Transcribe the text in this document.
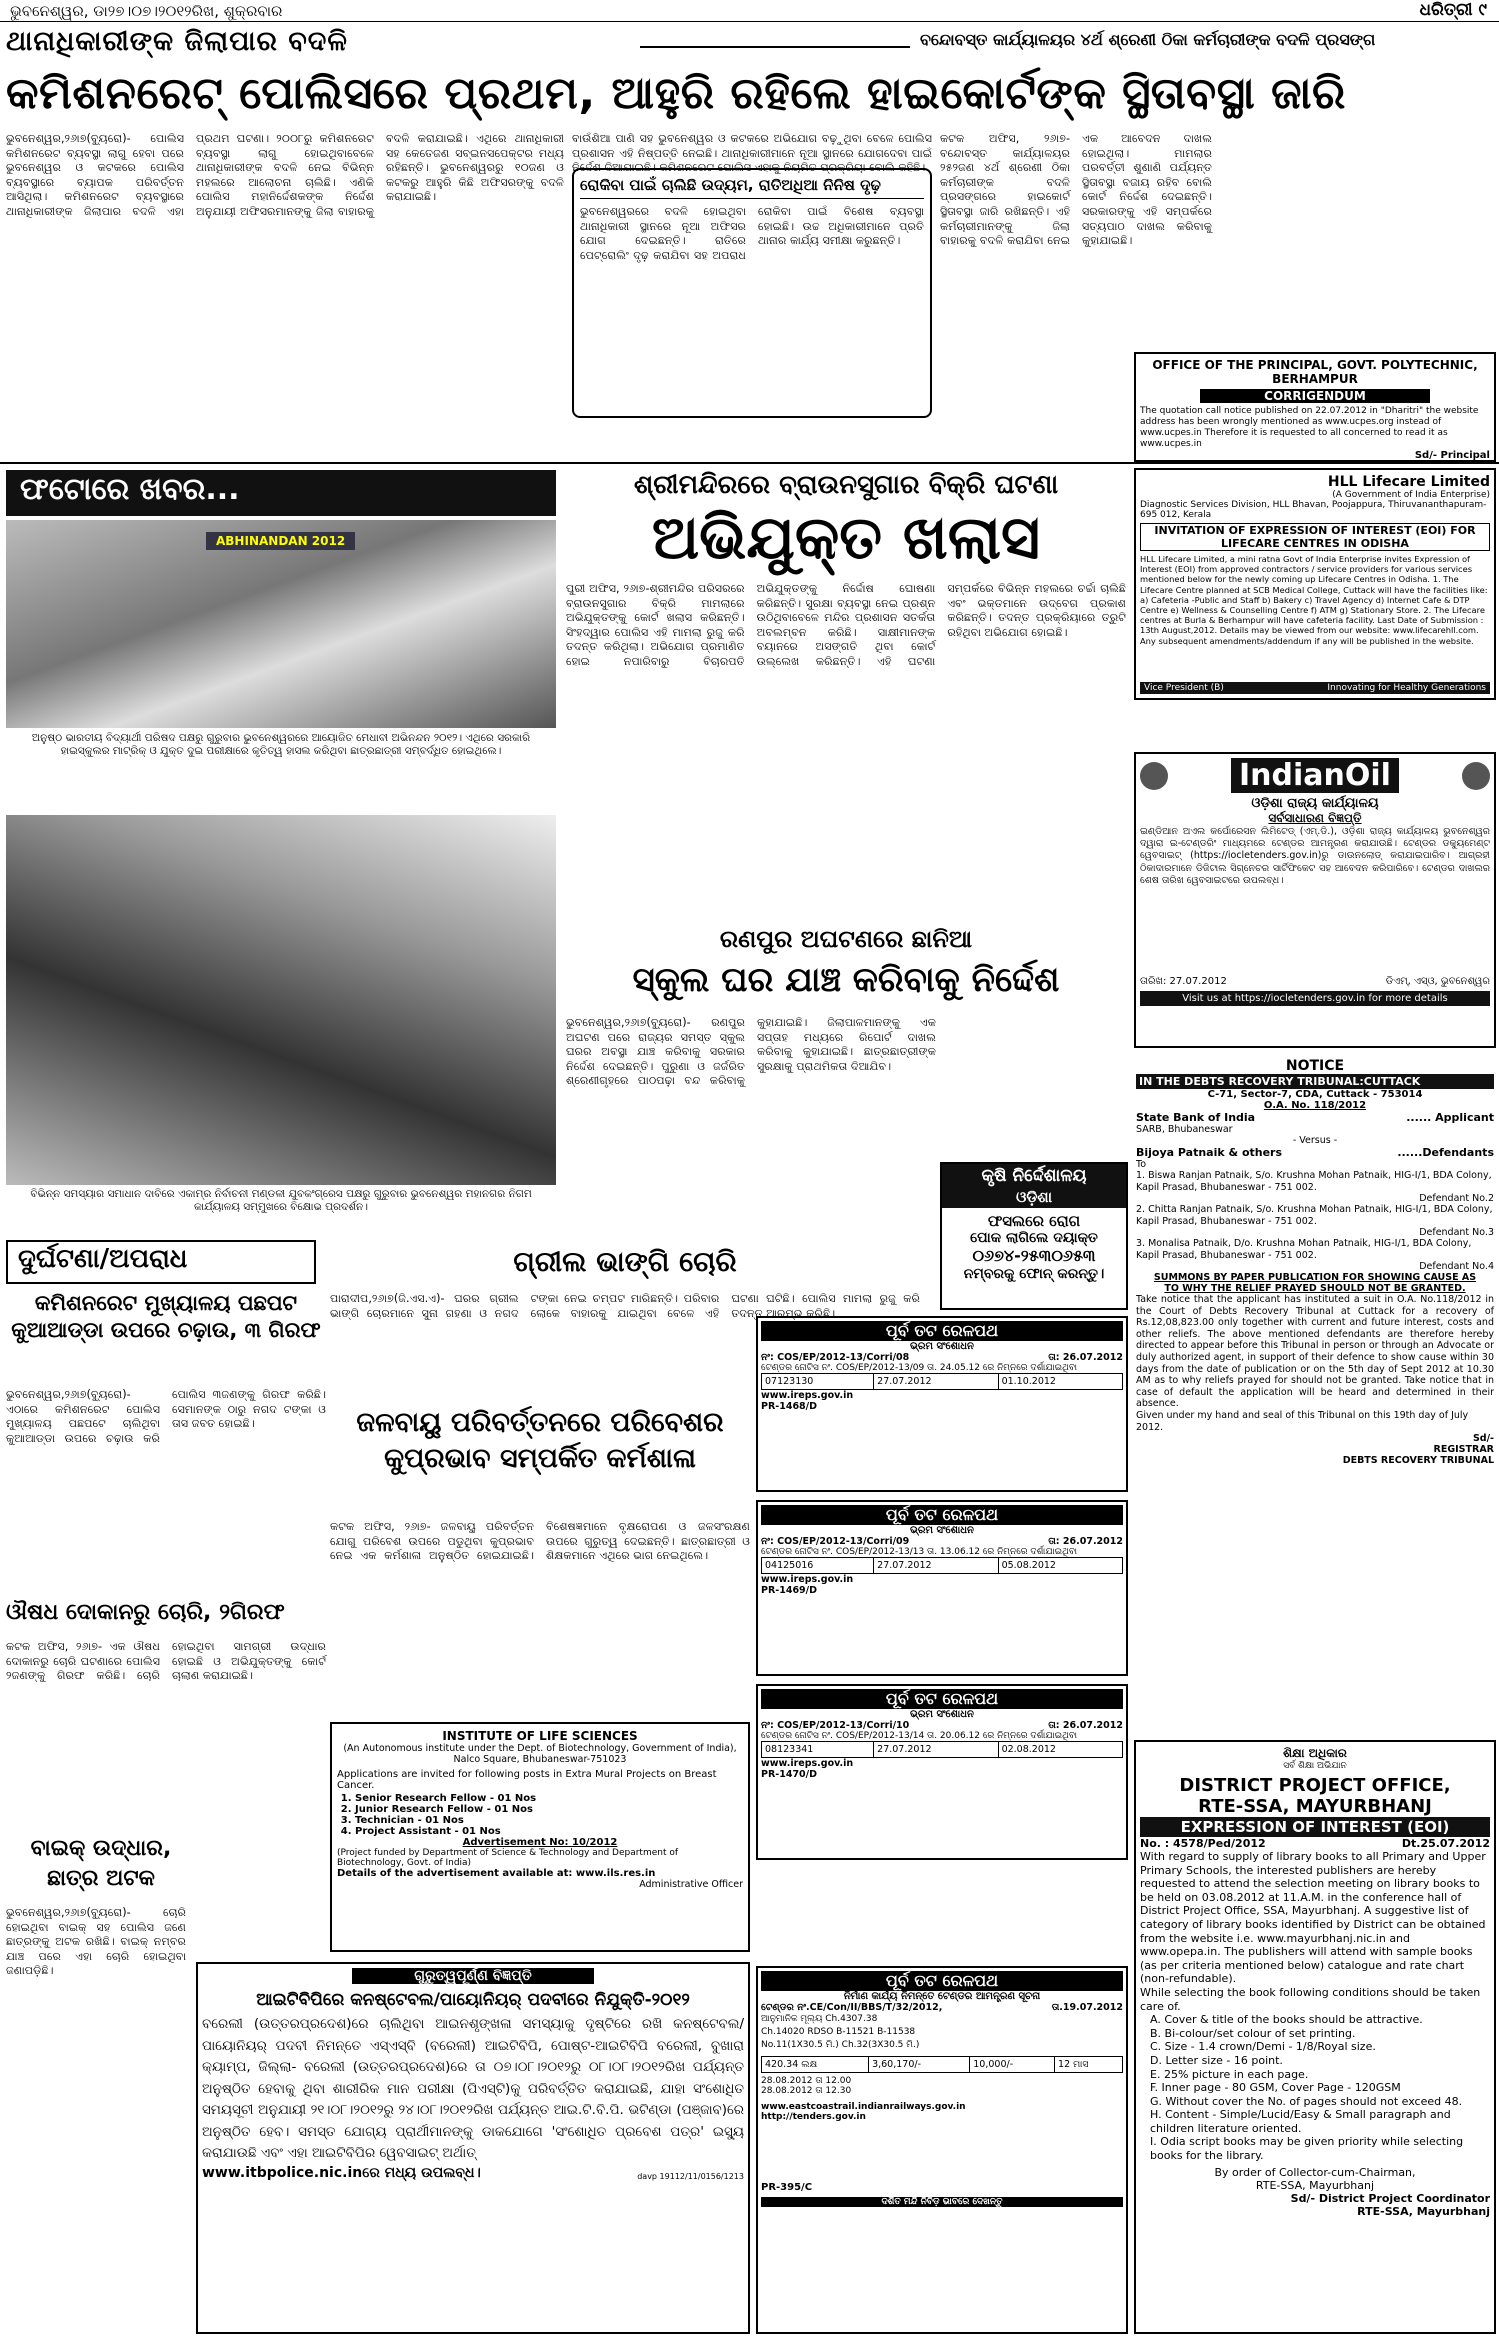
ଭୁବନେଶ୍ୱର, ଡା୨୭।୦୭।୨୦୧୨ରିଖ, ଶୁକ୍ରବାର	ଧରିତ୍ରୀ ୯
ଥାନାଧିକାରୀଙ୍କ ଜିଲାପାର ବଦଳି	ବନ୍ଦୋବସ୍ତ କାର୍ଯ୍ୟାଳୟର ୪ର୍ଥ ଶ୍ରେଣୀ ଠିକା କର୍ମଚାରୀଙ୍କ ବଦଳି ପ୍ରସଙ୍ଗ
କମିଶନରେଟ୍ ପୋଲିସରେ ପ୍ରଥମ, ଆହୁରି ରହିଲେ ହାଇକୋର୍ଟଙ୍କ ସ୍ଥିତାବସ୍ଥା ଜାରି
ଭୁବନେଶ୍ୱର,୨୬ା୭(ବ୍ୟୁରୋ)- ପୋଲିସ କମିଶନରେଟ ବ୍ୟବସ୍ଥା ଲାଗୁ ହେବା ପରେ ଭୁବନେଶ୍ୱର ଓ କଟକରେ ପୋଲିସ ବ୍ୟବସ୍ଥାରେ ବ୍ୟାପକ ପରିବର୍ତ୍ତନ ଆସିଥିଲା। କମିଶନରେଟ ବ୍ୟବସ୍ଥାରେ ଥାନାଧିକାରୀଙ୍କ ଜିଲାପାର ବଦଳି ଏହା ପ୍ରଥମ ଘଟଣା। ୨୦୦୮ରୁ କମିଶନରେଟ ବ୍ୟବସ୍ଥା ଲାଗୁ ହୋଇଥିବାବେଳେ ଥାନାଧିକାରୀଙ୍କ ବଦଳି ନେଇ ବିଭିନ୍ନ ମହଲରେ ଆଲୋଚନା ଚାଲିଛି। ଏଣିକି ପୋଲିସ ମହାନିର୍ଦ୍ଦେଶକଙ୍କ ନିର୍ଦ୍ଦେଶ ଅନୁଯାୟୀ ଅଫିସରମାନଙ୍କୁ ଜିଲା ବାହାରକୁ ବଦଳି କରାଯାଇଛି। ଏଥିରେ ଥାନାଧିକାରୀ ସହ କେତେଜଣ ସବ୍ଇନସପେକ୍ଟର ମଧ୍ୟ ରହିଛନ୍ତି। ଭୁବନେଶ୍ୱରରୁ ୧୦ଜଣ ଓ କଟକରୁ ଆହୁରି କିଛି ଅଫିସରଙ୍କୁ ବଦଳି କରାଯାଇଛି।
ରୋକିବା ପାଇଁ ଚାଲିଛି ଉଦ୍ୟମ, ରାତିଅଧିଆ ନିନିଷ ଦୃଢ଼
ଭୁବନେଶ୍ୱରରେ ବଦଳି ହୋଇଥିବା ଥାନାଧିକାରୀ ସ୍ଥାନରେ ନୂଆ ଅଫିସର ଯୋଗ ଦେଇଛନ୍ତି। ରାତିରେ ପେଟ୍ରୋଲିଂ ଦୃଢ଼ କରାଯିବା ସହ ଅପରାଧ ରୋକିବା ପାଇଁ ବିଶେଷ ବ୍ୟବସ୍ଥା ହୋଇଛି। ଉଚ୍ଚ ଅଧିକାରୀମାନେ ପ୍ରତି ଥାନାର କାର୍ଯ୍ୟ ସମୀକ୍ଷା କରୁଛନ୍ତି।
ବାଉଁଶିଆ ପାଣି ସହ ଭୁବନେଶ୍ୱର ଓ କଟକରେ ଅଭିଯୋଗ ବଢ଼ୁଥିବା ବେଳେ ପୋଲିସ ପ୍ରଶାସନ ଏହି ନିଷ୍ପତ୍ତି ନେଇଛି। ଥାନାଧିକାରୀମାନେ ନୂଆ ସ୍ଥାନରେ ଯୋଗଦେବା ପାଇଁ ନିର୍ଦ୍ଦେଶ ଦିଆଯାଇଛି। କମିଶନରେଟ ପୋଲିସ ଏହାକୁ ନିୟମିତ ପ୍ରକ୍ରିୟା ବୋଲି କହିଛି।
କଟକ ଅଫିସ, ୨୬ା୭-ବନ୍ଦୋବସ୍ତ କାର୍ଯ୍ୟାଳୟର ୨୫୨ଜଣ ୪ର୍ଥ ଶ୍ରେଣୀ ଠିକା କର୍ମଚାରୀଙ୍କ ବଦଳି ପ୍ରସଙ୍ଗରେ ହାଇକୋର୍ଟ ସ୍ଥିତାବସ୍ଥା ଜାରି ରଖିଛନ୍ତି। ଏହି କର୍ମଚାରୀମାନଙ୍କୁ ଜିଲା ବାହାରକୁ ବଦଳି କରାଯିବା ନେଇ ଏକ ଆବେଦନ ଦାଖଲ ହୋଇଥିଲା। ମାମଲାର ପରବର୍ତ୍ତୀ ଶୁଣାଣି ପର୍ଯ୍ୟନ୍ତ ସ୍ଥିତାବସ୍ଥା ବଜାୟ ରହିବ ବୋଲି କୋର୍ଟ ନିର୍ଦ୍ଦେଶ ଦେଇଛନ୍ତି। ସରକାରଙ୍କୁ ଏହି ସମ୍ପର୍କରେ ସତ୍ୟପାଠ ଦାଖଲ କରିବାକୁ କୁହାଯାଇଛି।
OFFICE OF THE PRINCIPAL, GOVT. POLYTECHNIC, BERHAMPUR
CORRIGENDUM
The quotation call notice published on 22.07.2012 in "Dharitri" the website address has been wrongly mentioned as www.ucpes.org instead of www.ucpes.in Therefore it is requested to all concerned to read it as www.ucpes.in
Sd/- Principal
ଫଟୋରେ ଖବର...
ABHINANDAN 2012
ଅନୁଷ୍ଠ ଭାରତୀୟ ବିଦ୍ୟାର୍ଥୀ ପରିଷଦ ପକ୍ଷରୁ ଗୁରୁବାର ଭୁବନେଶ୍ୱରରେ ଆୟୋଜିତ ମେଧାବୀ ଅଭିନନ୍ଦନ ୨୦୧୨। ଏଥିରେ ସରକାରି ହାଇସ୍କୁଲର ମାଟ୍ରିକ୍ ଓ ଯୁକ୍ତ ଦୁଇ ପରୀକ୍ଷାରେ କୃତିତ୍ୱ ହାସଲ କରିଥିବା ଛାତ୍ରଛାତ୍ରୀ ସମ୍ବର୍ଦ୍ଧିତ ହୋଇଥିଲେ।
ବିଭିନ୍ନ ସମସ୍ୟାର ସମାଧାନ ଦାବିରେ ଏକାମ୍ର ନିର୍ବାଚନୀ ମଣ୍ଡଳୀ ଯୁବକଂଗ୍ରେସ ପକ୍ଷରୁ ଗୁରୁବାର ଭୁବନେଶ୍ୱର ମହାନଗର ନିଗମ କାର୍ଯ୍ୟାଳୟ ସମ୍ମୁଖରେ ବିକ୍ଷୋଭ ପ୍ରଦର୍ଶନ।
ଶ୍ରୀମନ୍ଦିରରେ ବ୍ରାଉନସୁଗାର ବିକ୍ରି ଘଟଣା
ଅଭିଯୁକ୍ତ ଖଲାସ
ପୁରୀ ଅଫିସ, ୨୬ା୭-ଶ୍ରୀମନ୍ଦିର ପରିସରରେ ବ୍ରାଉନସୁଗାର ବିକ୍ରି ମାମଲାରେ ଅଭିଯୁକ୍ତଙ୍କୁ କୋର୍ଟ ଖଲାସ କରିଛନ୍ତି। ସିଂହଦ୍ୱାର ପୋଲିସ ଏହି ମାମଲା ରୁଜୁ କରି ତଦନ୍ତ କରିଥିଲା। ଅଭିଯୋଗ ପ୍ରମାଣିତ ହୋଇ ନପାରିବାରୁ ବିଚାରପତି ଅଭିଯୁକ୍ତଙ୍କୁ ନିର୍ଦ୍ଦୋଷ ଘୋଷଣା କରିଛନ୍ତି। ସୁରକ୍ଷା ବ୍ୟବସ୍ଥା ନେଇ ପ୍ରଶ୍ନ ଉଠିଥିବାବେଳେ ମନ୍ଦିର ପ୍ରଶାସନ ସତର୍କତା ଅବଲମ୍ବନ କରିଛି। ସାକ୍ଷୀମାନଙ୍କ ବୟାନରେ ଅସଙ୍ଗତି ଥିବା କୋର୍ଟ ଉଲ୍ଲେଖ କରିଛନ୍ତି। ଏହି ଘଟଣା ସମ୍ପର୍କରେ ବିଭିନ୍ନ ମହଲରେ ଚର୍ଚ୍ଚା ଚାଲିଛି ଏବଂ ଭକ୍ତମାନେ ଉଦ୍‌ବେଗ ପ୍ରକାଶ କରିଛନ୍ତି। ତଦନ୍ତ ପ୍ରକ୍ରିୟାରେ ତ୍ରୁଟି ରହିଥିବା ଅଭିଯୋଗ ହୋଇଛି।
ରଣପୁର ଅଘଟଣରେ ଛାନିଆ
ସ୍କୁଲ ଘର ଯାଞ୍ଚ କରିବାକୁ ନିର୍ଦ୍ଦେଶ
ଭୁବନେଶ୍ୱର,୨୬ା୭(ବ୍ୟୁରୋ)- ରଣପୁର ଅଘଟଣ ପରେ ରାଜ୍ୟର ସମସ୍ତ ସ୍କୁଲ ଘରର ଅବସ୍ଥା ଯାଞ୍ଚ କରିବାକୁ ସରକାର ନିର୍ଦ୍ଦେଶ ଦେଇଛନ୍ତି। ପୁରୁଣା ଓ ଜର୍ଜରିତ ଶ୍ରେଣୀଗୃହରେ ପାଠପଢ଼ା ବନ୍ଦ କରିବାକୁ କୁହାଯାଇଛି। ଜିଲାପାଳମାନଙ୍କୁ ଏକ ସପ୍ତାହ ମଧ୍ୟରେ ରିପୋର୍ଟ ଦାଖଲ କରିବାକୁ କୁହାଯାଇଛି। ଛାତ୍ରଛାତ୍ରୀଙ୍କ ସୁରକ୍ଷାକୁ ପ୍ରାଥମିକତା ଦିଆଯିବ।
କୃଷି ନିର୍ଦ୍ଦେଶାଳୟ
ଓଡ଼ିଶା
ଫସଲରେ ରୋଗ
ପୋକ ଲାଗିଲେ ଦୟାକ୍ତ
୦୬୭୪-୨୫୩୦୬୫୩
ନମ୍ବରକୁ ଫୋନ୍ କରନ୍ତୁ।
HLL Lifecare Limited
(A Government of India Enterprise)
Diagnostic Services Division, HLL Bhavan, Poojappura, Thiruvananthapuram- 695 012, Kerala
INVITATION OF EXPRESSION OF INTEREST (EOI) FOR LIFECARE CENTRES IN ODISHA
HLL Lifecare Limited, a mini ratna Govt of India Enterprise invites Expression of Interest (EOI) from approved contractors / service providers for various services mentioned below for the newly coming up Lifecare Centres in Odisha. 1. The Lifecare Centre planned at SCB Medical College, Cuttack will have the facilities like: a) Cafeteria -Public and Staff b) Bakery c) Travel Agency d) Internet Cafe & DTP Centre e) Wellness & Counselling Centre f) ATM g) Stationary Store. 2. The Lifecare centres at Burla & Berhampur will have cafeteria facility. Last Date of Submission : 13th August,2012. Details may be viewed from our website: www.lifecarehll.com. Any subsequent amendments/addendum if any will be published in the website.
Vice President (B)	Innovating for Healthy Generations
IndianOil
ଓଡ଼ିଶା ରାଜ୍ୟ କାର୍ଯ୍ୟାଳୟ
ସର୍ବସାଧାରଣ ବିଜ୍ଞପ୍ତି
ଇଣ୍ଡିଆନ ଅଏଲ କର୍ପୋରେସନ ଲିମିଟେଡ୍ (ଏମ୍.ଡି.), ଓଡ଼ିଶା ରାଜ୍ୟ କାର୍ଯ୍ୟାଳୟ ଭୁବନେଶ୍ୱର ଦ୍ୱାରା ଇ-ଟେଣ୍ଡରିଂ ମାଧ୍ୟମରେ ଟେଣ୍ଡର ଆମନ୍ତ୍ରଣ କରାଯାଉଛି। ଟେଣ୍ଡର ଡକ୍ୟୁମେଣ୍ଟ ୱେବସାଇଟ୍ (https://iocletenders.gov.in)ରୁ ଡାଉନଲୋଡ୍ କରାଯାଇପାରିବ। ଆଗ୍ରହୀ ଠିକାଦାରମାନେ ଡିଜିଟାଲ ସିଗ୍ନେଚର ସାର୍ଟିଫିକେଟ ସହ ଆବେଦନ କରିପାରିବେ। ଟେଣ୍ଡର ଦାଖଲର ଶେଷ ତାରିଖ ୱେବସାଇଟରେ ଉପଲବ୍ଧ।
ତାରିଖ: 27.07.2012	ଡିଏମ୍, ଏସ୍‌ଓ, ଭୁବନେଶ୍ୱର
Visit us at https://iocletenders.gov.in for more details
NOTICE
IN THE DEBTS RECOVERY TRIBUNAL:CUTTACK
C-71, Sector-7, CDA, Cuttack - 753014
O.A. No. 118/2012
State Bank of India	...... Applicant
SARB, Bhubaneswar
- Versus -
Bijoya Patnaik & others	......Defendants
To
1. Biswa Ranjan Patnaik, S/o. Krushna Mohan Patnaik, HIG-I/1, BDA Colony, Kapil Prasad, Bhubaneswar - 751 002.
Defendant No.2
2. Chitta Ranjan Patnaik, S/o. Krushna Mohan Patnaik, HIG-I/1, BDA Colony, Kapil Prasad, Bhubaneswar - 751 002.
Defendant No.3
3. Monalisa Patnaik, D/o. Krushna Mohan Patnaik, HIG-I/1, BDA Colony, Kapil Prasad, Bhubaneswar - 751 002.
Defendant No.4
SUMMONS BY PAPER PUBLICATION FOR SHOWING CAUSE AS
TO WHY THE RELIEF PRAYED SHOULD NOT BE GRANTED.
Take notice that the applicant has instituted a suit in O.A. No.118/2012 in the Court of Debts Recovery Tribunal at Cuttack for a recovery of Rs.12,08,823.00 only together with current and future interest, costs and other reliefs. The above mentioned defendants are therefore hereby directed to appear before this Tribunal in person or through an Advocate or duly authorized agent, in support of their defence to show cause within 30 days from the date of publication or on the 5th day of Sept 2012 at 10.30 AM as to why reliefs prayed for should not be granted. Take notice that in case of default the application will be heard and determined in their absence.
Given under my hand and seal of this Tribunal on this 19th day of July 2012.
Sd/-
REGISTRAR
DEBTS RECOVERY TRIBUNAL
ଦୁର୍ଘଟଣା/ଅପରାଧ
କମିଶନରେଟ ମୁଖ୍ୟାଳୟ ପଛପଟ କୁଆଆଡ୍ଡା ଉପରେ ଚଢ଼ାଉ, ୩ ଗିରଫ
ଭୁବନେଶ୍ୱର,୨୬ା୭(ବ୍ୟୁରୋ)-ଏଠାରେ କମିଶନରେଟ ପୋଲିସ ମୁଖ୍ୟାଳୟ ପଛପଟେ ଚାଲିଥିବା କୁଆଆଡ୍ଡା ଉପରେ ଚଢ଼ାଉ କରି ପୋଲିସ ୩ଜଣଙ୍କୁ ଗିରଫ କରିଛି। ସେମାନଙ୍କ ଠାରୁ ନଗଦ ଟଙ୍କା ଓ ତାସ ଜବତ ହୋଇଛି।
ଔଷଧ ଦୋକାନରୁ ଚୋରି, ୨ଗିରଫ
କଟକ ଅଫିସ, ୨୬ା୭- ଏକ ଔଷଧ ଦୋକାନରୁ ଚୋରି ଘଟଣାରେ ପୋଲିସ ୨ଜଣଙ୍କୁ ଗିରଫ କରିଛି। ଚୋରି ହୋଇଥିବା ସାମଗ୍ରୀ ଉଦ୍ଧାର ହୋଇଛି ଓ ଅଭିଯୁକ୍ତଙ୍କୁ କୋର୍ଟ ଚାଲାଣ କରାଯାଇଛି।
ବାଇକ୍ ଉଦ୍ଧାର, ଛାତ୍ର ଅଟକ
ଭୁବନେଶ୍ୱର,୨୬ା୭(ବ୍ୟୁରୋ)- ଚୋରି ହୋଇଥିବା ବାଇକ୍ ସହ ପୋଲିସ ଜଣେ ଛାତ୍ରଙ୍କୁ ଅଟକ ରଖିଛି। ବାଇକ୍ ନମ୍ବର ଯାଞ୍ଚ ପରେ ଏହା ଚୋରି ହୋଇଥିବା ଜଣାପଡ଼ିଛି।
ଗ୍ରୀଲ ଭାଙ୍ଗି ଚୋରି
ପାରାଦୀପ,୨୬ା୭(ଜି.ଏସ.ଏ)- ଘରର ଗ୍ରୀଲ ଭାଙ୍ଗି ଚୋରମାନେ ସୁନା ଗହଣା ଓ ନଗଦ ଟଙ୍କା ନେଇ ଚମ୍ପଟ ମାରିଛନ୍ତି। ପରିବାର ଲୋକେ ବାହାରକୁ ଯାଇଥିବା ବେଳେ ଏହି ଘଟଣା ଘଟିଛି। ପୋଲିସ ମାମଲା ରୁଜୁ କରି ତଦନ୍ତ ଆରମ୍ଭ କରିଛି।
ଜଳବାୟୁ ପରିବର୍ତ୍ତନରେ ପରିବେଶର କୁପ୍ରଭାବ ସମ୍ପର୍କିତ କର୍ମଶାଳା
କଟକ ଅଫିସ, ୨୬ା୭- ଜଳବାୟୁ ପରିବର୍ତ୍ତନ ଯୋଗୁ ପରିବେଶ ଉପରେ ପଡୁଥିବା କୁପ୍ରଭାବ ନେଇ ଏକ କର୍ମଶାଳା ଅନୁଷ୍ଠିତ ହୋଇଯାଇଛି। ବିଶେଷଜ୍ଞମାନେ ବୃକ୍ଷରୋପଣ ଓ ଜଳସଂରକ୍ଷଣ ଉପରେ ଗୁରୁତ୍ୱ ଦେଇଛନ୍ତି। ଛାତ୍ରଛାତ୍ରୀ ଓ ଶିକ୍ଷକମାନେ ଏଥିରେ ଭାଗ ନେଇଥିଲେ।
INSTITUTE OF LIFE SCIENCES
(An Autonomous institute under the Dept. of Biotechnology, Government of India), Nalco Square, Bhubaneswar-751023
Applications are invited for following posts in Extra Mural Projects on Breast Cancer.
1. Senior Research Fellow - 01 Nos
2. Junior Research Fellow - 01 Nos
3. Technician - 01 Nos
4. Project Assistant - 01 Nos
Advertisement No: 10/2012
(Project funded by Department of Science & Technology and Department of Biotechnology, Govt. of India)
Details of the advertisement available at: www.ils.res.in
Administrative Officer
ଗୁରୁତ୍ୱପୂର୍ଣ୍ଣ ବିଜ୍ଞପ୍ତି
ଆଇଟିବିପିରେ କନଷ୍ଟେବଲ/ପାୟୋନିୟର୍ ପଦବୀରେ ନିଯୁକ୍ତି-୨୦୧୨
ବରେଲୀ (ଉତ୍ତରପ୍ରଦେଶ)ରେ ଚାଲିଥିବା ଆଇନଶୃଙ୍ଖଳା ସମସ୍ୟାକୁ ଦୃଷ୍ଟିରେ ରଖି କନଷ୍ଟେବଲ/ପାୟୋନିୟର୍ ପଦବୀ ନିମନ୍ତେ ଏସ୍‌ଏସ୍‌ବି (ବରେଲୀ) ଆଇଟିବିପି, ପୋଷ୍ଟ-ଆଇଟିବିପି ବରେଲୀ, ବୁଖାରା କ୍ୟାମ୍ପ, ଜିଲ୍ଲା- ବରେଲୀ (ଉତ୍ତରପ୍ରଦେଶ)ରେ ତା ୦୭।୦୮।୨୦୧୨ରୁ ୦୮।୦୮।୨୦୧୨ରିଖ ପର୍ଯ୍ୟନ୍ତ ଅନୁଷ୍ଠିତ ହେବାକୁ ଥିବା ଶାରୀରିକ ମାନ ପରୀକ୍ଷା (ପିଏସ୍‌ଟି)କୁ ପରିବର୍ତ୍ତିତ କରାଯାଇଛି, ଯାହା ସଂଶୋଧିତ ସମୟସୂଚୀ ଅନୁଯାୟୀ ୨୧।୦୮।୨୦୧୨ରୁ ୨୪।୦୮।୨୦୧୨ରିଖ ପର୍ଯ୍ୟନ୍ତ ଆଇ.ଟି.ବି.ପି. ଭଟିଣ୍ଡା (ପଞ୍ଜାବ)ରେ ଅନୁଷ୍ଠିତ ହେବ। ସମସ୍ତ ଯୋଗ୍ୟ ପ୍ରାର୍ଥୀମାନଙ୍କୁ ଡାକଯୋଗେ 'ସଂଶୋଧିତ ପ୍ରବେଶ ପତ୍ର' ଇସ୍ୟୁ କରାଯାଉଛି ଏବଂ ଏହା ଆଇଟିବିପିର ୱେବସାଇଟ୍ ଅର୍ଥାତ୍
www.itbpolice.nic.inରେ ମଧ୍ୟ ଉପଲବ୍ଧ।	davp 19112/11/0156/1213
ପୂର୍ବ ତଟ ରେଳପଥ
ଭ୍ରମ ସଂଶୋଧନ
ନଂ: COS/EP/2012-13/Corri/08	ତା: 26.07.2012
ଟେଣ୍ଡର ନୋଟିସ ନଂ. COS/EP/2012-13/09 ତା. 24.05.12 ରେ ନିମ୍ନରେ ଦର୍ଶାଯାଇଥିବା
07123130	27.07.2012	01.10.2012
www.ireps.gov.in
PR-1468/D
ପୂର୍ବ ତଟ ରେଳପଥ
ଭ୍ରମ ସଂଶୋଧନ
ନଂ: COS/EP/2012-13/Corri/09	ତା: 26.07.2012
ଟେଣ୍ଡର ନୋଟିସ ନଂ. COS/EP/2012-13/13 ତା. 13.06.12 ରେ ନିମ୍ନରେ ଦର୍ଶାଯାଇଥିବା
04125016	27.07.2012	05.08.2012
www.ireps.gov.in
PR-1469/D
ପୂର୍ବ ତଟ ରେଳପଥ
ଭ୍ରମ ସଂଶୋଧନ
ନଂ: COS/EP/2012-13/Corri/10	ତା: 26.07.2012
ଟେଣ୍ଡର ନୋଟିସ ନଂ. COS/EP/2012-13/14 ତା. 20.06.12 ରେ ନିମ୍ନରେ ଦର୍ଶାଯାଇଥିବା
08123341	27.07.2012	02.08.2012
www.ireps.gov.in
PR-1470/D
ପୂର୍ବ ତଟ ରେଳପଥ
ନିର୍ମାଣ କାର୍ଯ୍ୟ ନିମନ୍ତେ ଟେଣ୍ଡର ଆମନ୍ତ୍ରଣ ସୂଚନା
ଟେଣ୍ଡର ନଂ.CE/Con/II/BBS/T/32/2012,	ତା.19.07.2012
ଆନୁମାନିକ ମୂଲ୍ୟ Ch.4307.38
Ch.14020 RDSO B-11521 B-11538
No.11(1X30.5 ମି.) Ch.32(3X30.5 ମି.)
420.34 ଲକ୍ଷ	3,60,170/-	10,000/-	12 ମାସ
28.08.2012 ତା 12.00
28.08.2012 ତା 12.30
www.eastcoastrail.indianrailways.gov.in
http://tenders.gov.in
PR-395/C
ଦର୍ଶିତ ମନ୍ଦି ନିବିଡ଼ ଭାବରେ ଦେଖନ୍ତୁ
ଶିକ୍ଷା ଅଧିକାର
ସର୍ବ ଶିକ୍ଷା ଅଭିଯାନ
DISTRICT PROJECT OFFICE,
RTE-SSA, MAYURBHANJ
EXPRESSION OF INTEREST (EOI)
No. : 4578/Ped/2012	Dt.25.07.2012
With regard to supply of library books to all Primary and Upper Primary Schools, the interested publishers are hereby requested to attend the selection meeting on library books to be held on 03.08.2012 at 11.A.M. in the conference hall of District Project Office, SSA, Mayurbhanj. A suggestive list of category of library books identified by District can be obtained from the website i.e. www.mayurbhanj.nic.in and www.opepa.in. The publishers will attend with sample books (as per criteria mentioned below) catalogue and rate chart (non-refundable).
While selecting the book following conditions should be taken care of.
A. Cover & title of the books should be attractive.
B. Bi-colour/set colour of set printing.
C. Size - 1.4 crown/Demi - 1/8/Royal size.
D. Letter size - 16 point.
E. 25% picture in each page.
F. Inner page - 80 GSM, Cover Page - 120GSM
G. Without cover the No. of pages should not exceed 48.
H. Content - Simple/Lucid/Easy & Small paragraph and children literature oriented.
I. Odia script books may be given priority while selecting books for the library.
By order of Collector-cum-Chairman,
RTE-SSA, Mayurbhanj
Sd/- District Project Coordinator
RTE-SSA, Mayurbhanj
